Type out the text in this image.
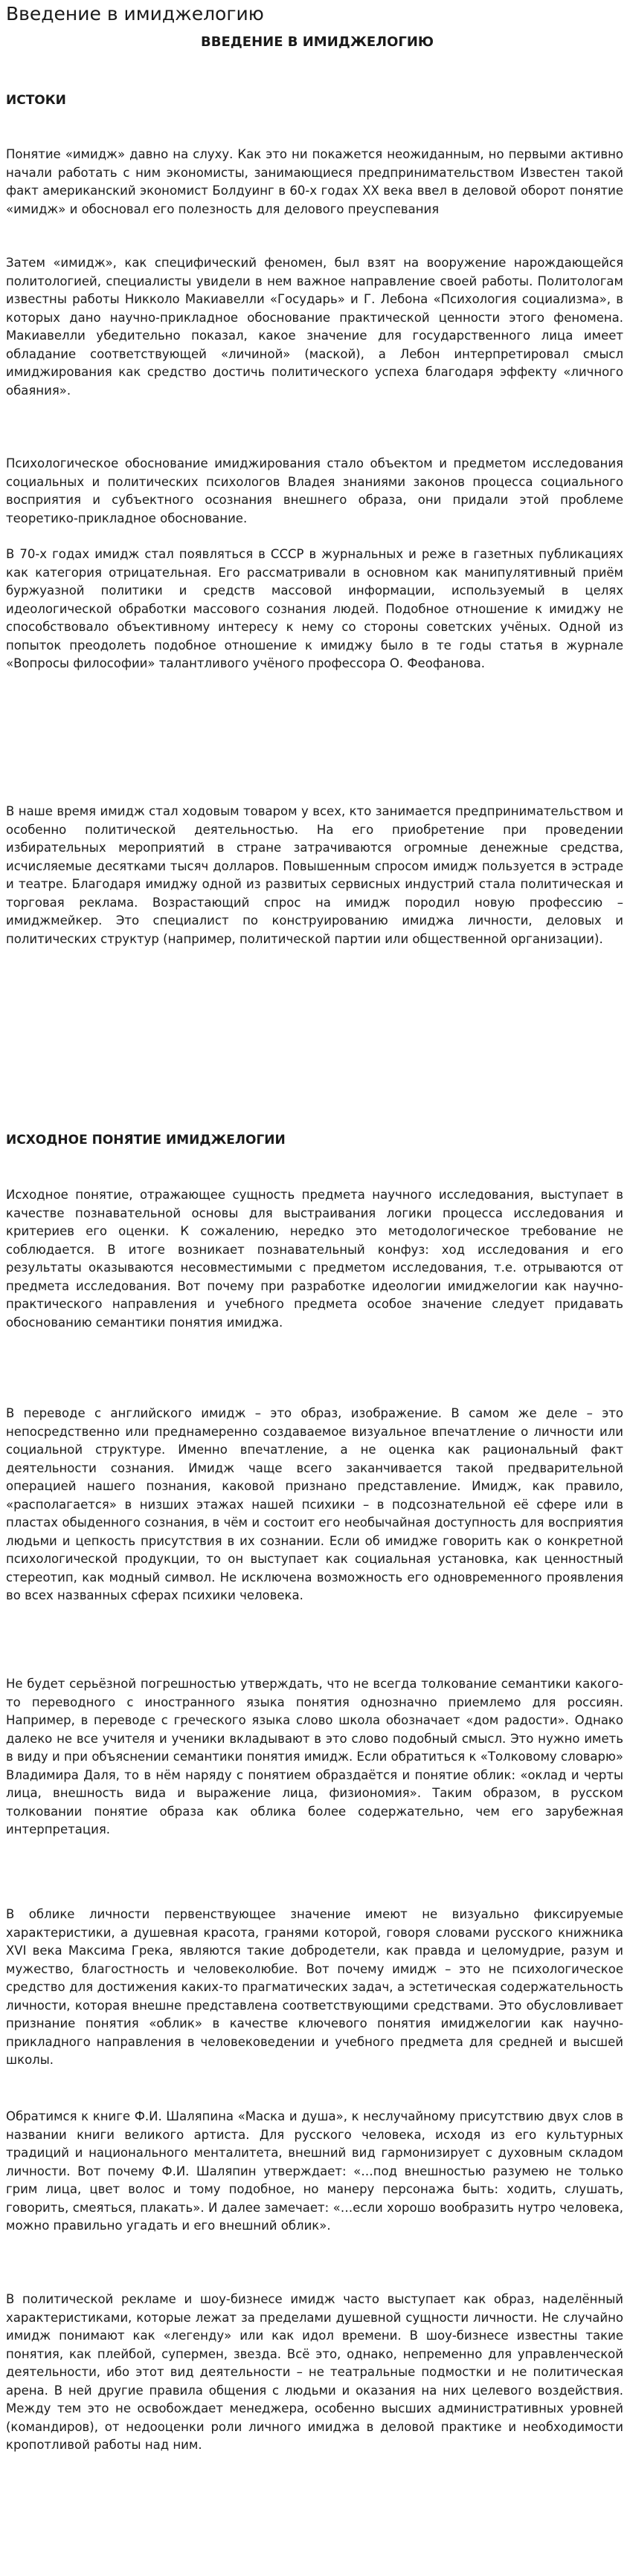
Введение в имиджелогию
ВВЕДЕНИЕ В ИМИДЖЕЛОГИЮ
ИСТОКИ

Понятие «имидж» давно на слуху. Как это ни покажется неожиданным, но первыми активно начали работать с ним экономисты, занимающиеся предпринимательством Известен такой факт американский экономист Болдуинг в 60-х годах XX века ввел в деловой оборот понятие «имидж» и обосновал его полезность для делового преуспевания

Затем «имидж», как специфический феномен, был взят на вооружение нарождающейся политологией, специалисты увидели в нем важное направление своей работы. Политологам известны работы Никколо Макиавелли «Государь» и Г. Лебона «Психология социализма», в которых дано научно-прикладное обоснование практической ценности этого феномена. Макиавелли убедительно показал, какое значение для государственного лица имеет обладание соответствующей «личиной» (маской), а Лебон интерпретировал смысл имиджирования как средство достичь политического успеха благодаря эффекту «личного обаяния».

Психологическое обоснование имиджирования стало объектом и предметом исследования социальных и политических психологов Владея знаниями законов процесса социального восприятия и субъектного осознания внешнего образа, они придали этой проблеме теоретико-прикладное обоснование.

В 70-х годах имидж стал появляться в СССР в журнальных и реже в газетных публикациях как категория отрицательная. Его рассматривали в основном как манипулятивный приём буржуазной политики и средств массовой информации, используемый в целях идеологической обработки массового сознания людей. Подобное отношение к имиджу не способствовало объективному интересу к нему со стороны советских учёных. Одной из попыток преодолеть подобное отношение к имиджу было в те годы статья в журнале «Вопросы философии» талантливого учёного профессора О. Феофанова.

В наше время имидж стал ходовым товаром у всех, кто занимается предпринимательством и особенно политической деятельностью. На его приобретение при проведении избирательных мероприятий в стране затрачиваются огромные денежные средства, исчисляемые десятками тысяч долларов. Повышенным спросом имидж пользуется в эстраде и театре. Благодаря имиджу одной из развитых сервисных индустрий стала политическая и торговая реклама. Возрастающий спрос на имидж породил новую профессию – имиджмейкер. Это специалист по конструированию имиджа личности, деловых и политических структур (например, политической партии или общественной организации).

ИСХОДНОЕ ПОНЯТИЕ ИМИДЖЕЛОГИИ

Исходное понятие, отражающее сущность предмета научного исследования, выступает в качестве познавательной основы для выстраивания логики процесса исследования и критериев его оценки. К сожалению, нередко это методологическое требование не соблюдается. В итоге возникает познавательный конфуз: ход исследования и его результаты оказываются несовместимыми с предметом исследования, т.е. отрываются от предмета исследования. Вот почему при разработке идеологии имиджелогии как научно-практического направления и учебного предмета особое значение следует придавать обоснованию семантики понятия имиджа.

В переводе с английского имидж – это образ, изображение. В самом же деле – это непосредственно или преднамеренно создаваемое визуальное впечатление о личности или социальной структуре. Именно впечатление, а не оценка как рациональный факт деятельности сознания. Имидж чаще всего заканчивается такой предварительной операцией нашего познания, каковой признано представление. Имидж, как правило, «располагается» в низших этажах нашей психики – в подсознательной её сфере или в пластах обыденного сознания, в чём и состоит его необычайная доступность для восприятия людьми и цепкость присутствия в их сознании. Если об имидже говорить как о конкретной психологической продукции, то он выступает как социальная установка, как ценностный стереотип, как модный символ. Не исключена возможность его одновременного проявления во всех названных сферах психики человека.

Не будет серьёзной погрешностью утверждать, что не всегда толкование семантики какого-то переводного с иностранного языка понятия однозначно приемлемо для россиян. Например, в переводе с греческого языка слово школа обозначает «дом радости». Однако далеко не все учителя и ученики вкладывают в это слово подобный смысл. Это нужно иметь в виду и при объяснении семантики понятия имидж. Если обратиться к «Толковому словарю» Владимира Даля, то в нём наряду с понятием образдаётся и понятие облик: «оклад и черты лица, внешность вида и выражение лица, физиономия». Таким образом, в русском толковании понятие образа как облика более содержательно, чем его зарубежная интерпретация.

В облике личности первенствующее значение имеют не визуально фиксируемые характеристики, а душевная красота, гранями которой, говоря словами русского книжника XVI века Максима Грека, являются такие добродетели, как правда и целомудрие, разум и мужество, благостность и человеколюбие. Вот почему имидж – это не психологическое средство для достижения каких-то прагматических задач, а эстетическая содержательность личности, которая внешне представлена соответствующими средствами. Это обусловливает признание понятия «облик» в качестве ключевого понятия имиджелогии как научно-прикладного направления в человековедении и учебного предмета для средней и высшей школы.

Обратимся к книге Ф.И. Шаляпина «Маска и душа», к неслучайному присутствию двух слов в названии книги великого артиста. Для русского человека, исходя из его культурных традиций и национального менталитета, внешний вид гармонизирует с духовным складом личности. Вот почему Ф.И. Шаляпин утверждает: «…под внешностью разумею не только грим лица, цвет волос и тому подобное, но манеру персонажа быть: ходить, слушать, говорить, смеяться, плакать». И далее замечает: «…если хорошо вообразить нутро человека, можно правильно угадать и его внешний облик».

В политической рекламе и шоу-бизнесе имидж часто выступает как образ, наделённый характеристиками, которые лежат за пределами душевной сущности личности. Не случайно имидж понимают как «легенду» или как идол времени. В шоу-бизнесе известны такие понятия, как плейбой, супермен, звезда. Всё это, однако, непременно для управленческой деятельности, ибо этот вид деятельности – не театральные подмостки и не политическая арена. В ней другие правила общения с людьми и оказания на них целевого воздействия. Между тем это не освобождает менеджера, особенно высших административных уровней (командиров), от недооценки роли личного имиджа в деловой практике и необходимости кропотливой работы над ним.
